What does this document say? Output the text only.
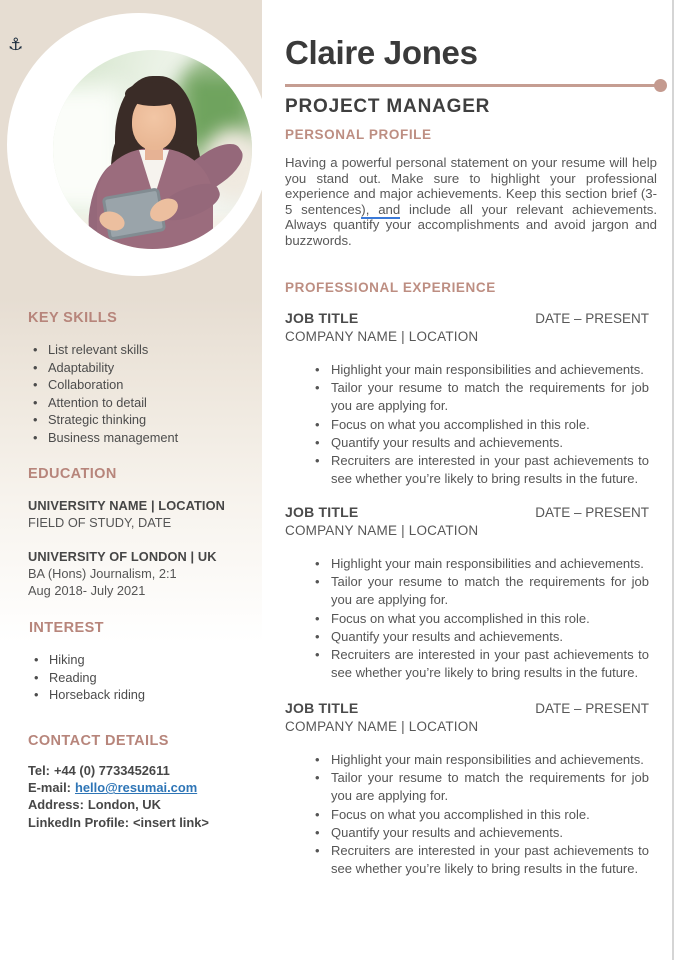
⚓
KEY SKILLS
• List relevant skills
• Adaptability
• Collaboration
• Attention to detail
• Strategic thinking
• Business management
EDUCATION
UNIVERSITY NAME | LOCATION
FIELD OF STUDY, DATE
UNIVERSITY OF LONDON | UK
BA (Hons) Journalism, 2:1
Aug 2018- July 2021
INTEREST
• Hiking
• Reading
• Horseback riding
CONTACT DETAILS
Tel: +44 (0) 7733452611
E-mail: hello@resumai.com
Address: London, UK
LinkedIn Profile: <insert link>
Claire Jones
PROJECT MANAGER
PERSONAL PROFILE
Having a powerful personal statement on your resume will help you stand out. Make sure to highlight your professional experience and major achievements. Keep this section brief (3-5 sentences), and include all your relevant achievements. Always quantify your accomplishments and avoid jargon and buzzwords.
PROFESSIONAL EXPERIENCE
JOB TITLE	DATE – PRESENT
COMPANY NAME | LOCATION
• Highlight your main responsibilities and achievements.
• Tailor your resume to match the requirements for job you are applying for.
• Focus on what you accomplished in this role.
• Quantify your results and achievements.
• Recruiters are interested in your past achievements to see whether you’re likely to bring results in the future.
JOB TITLE	DATE – PRESENT
COMPANY NAME | LOCATION
• Highlight your main responsibilities and achievements.
• Tailor your resume to match the requirements for job you are applying for.
• Focus on what you accomplished in this role.
• Quantify your results and achievements.
• Recruiters are interested in your past achievements to see whether you’re likely to bring results in the future.
JOB TITLE	DATE – PRESENT
COMPANY NAME | LOCATION
• Highlight your main responsibilities and achievements.
• Tailor your resume to match the requirements for job you are applying for.
• Focus on what you accomplished in this role.
• Quantify your results and achievements.
• Recruiters are interested in your past achievements to see whether you’re likely to bring results in the future.
